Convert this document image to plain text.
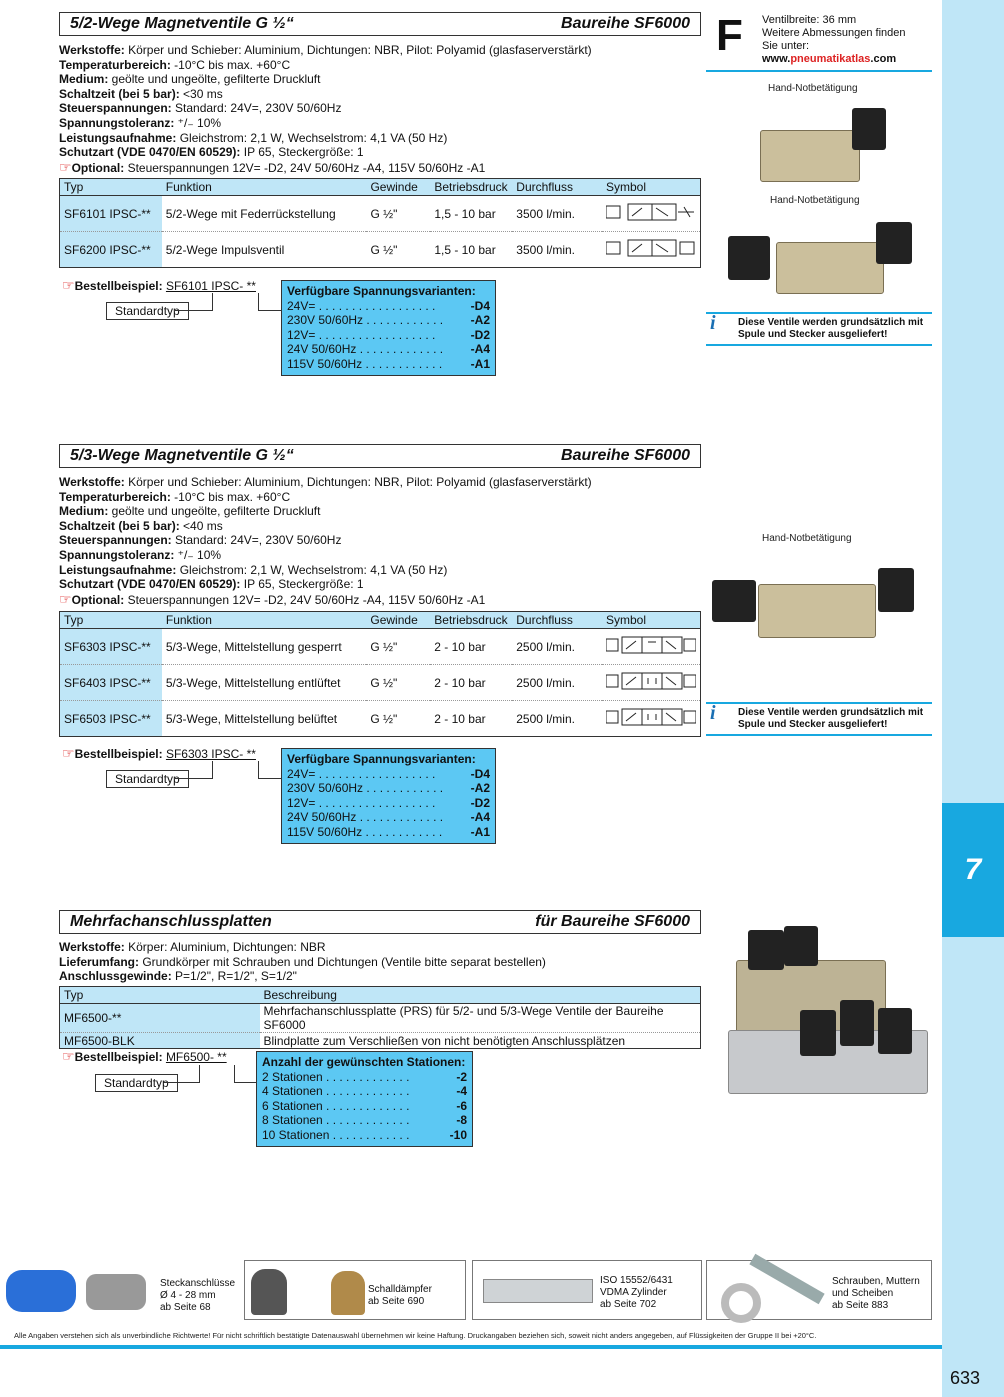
7
633
F Ventilbreite: 36 mm
Weitere Abmessungen finden
Sie unter:
www.pneumatikatlas.com
5/2-Wege Magnetventile G ½“	Baureihe SF6000
Werkstoffe: Körper und Schieber: Aluminium, Dichtungen: NBR, Pilot: Polyamid (glasfaserverstärkt)
Temperaturbereich: -10°C bis max. +60°C
Medium: geölte und ungeölte, gefilterte Druckluft
Schaltzeit (bei 5 bar): <30 ms
Steuerspannungen: Standard: 24V=, 230V 50/60Hz
Spannungstoleranz: ⁺/₋ 10%
Leistungsaufnahme: Gleichstrom: 2,1 W, Wechselstrom: 4,1 VA (50 Hz)
Schutzart (VDE 0470/EN 60529): IP 65, Steckergröße: 1
☞ Optional: Steuerspannungen 12V= -D2, 24V 50/60Hz -A4, 115V 50/60Hz -A1
Typ	Funktion	Gewinde	Betriebsdruck	Durchfluss	Symbol
SF6101 IPSC-**	5/2-Wege mit Federrückstellung	G ½"	1,5 - 10 bar	3500 l/min.	
SF6200 IPSC-**	5/2-Wege Impulsventil	G ½"	1,5 - 10 bar	3500 l/min.	
☞ Bestellbeispiel: SF6101 IPSC- **
Standardtyp
Verfügbare Spannungsvarianten:
24V= . . . . . . . . . . . . . . . . . .	-D4
230V 50/60Hz . . . . . . . . . . . . -A2
12V= . . . . . . . . . . . . . . . . . .	-D2
24V 50/60Hz . . . . . . . . . . . . . -A4
115V 50/60Hz . . . . . . . . . . . . -A1
Hand-Notbetätigung
Hand-Notbetätigung
i Diese Ventile werden grundsätzlich mit
Spule und Stecker ausgeliefert!
5/3-Wege Magnetventile G ½“	Baureihe SF6000
Werkstoffe: Körper und Schieber: Aluminium, Dichtungen: NBR, Pilot: Polyamid (glasfaserverstärkt)
Temperaturbereich: -10°C bis max. +60°C
Medium: geölte und ungeölte, gefilterte Druckluft
Schaltzeit (bei 5 bar): <40 ms
Steuerspannungen: Standard: 24V=, 230V 50/60Hz
Spannungstoleranz: ⁺/₋ 10%
Leistungsaufnahme: Gleichstrom: 2,1 W, Wechselstrom: 4,1 VA (50 Hz)
Schutzart (VDE 0470/EN 60529): IP 65, Steckergröße: 1
☞ Optional: Steuerspannungen 12V= -D2, 24V 50/60Hz -A4, 115V 50/60Hz -A1
Typ	Funktion	Gewinde	Betriebsdruck	Durchfluss	Symbol
SF6303 IPSC-**	5/3-Wege, Mittelstellung gesperrt	G ½"	2 - 10 bar	2500 l/min.	
SF6403 IPSC-**	5/3-Wege, Mittelstellung entlüftet	G ½"	2 - 10 bar	2500 l/min.	
SF6503 IPSC-**	5/3-Wege, Mittelstellung belüftet	G ½"	2 - 10 bar	2500 l/min.	
☞ Bestellbeispiel: SF6303 IPSC- **
Standardtyp
Verfügbare Spannungsvarianten:
24V= . . . . . . . . . . . . . . . . . .	-D4
230V 50/60Hz . . . . . . . . . . . . -A2
12V= . . . . . . . . . . . . . . . . . .	-D2
24V 50/60Hz . . . . . . . . . . . . . -A4
115V 50/60Hz . . . . . . . . . . . . -A1
Hand-Notbetätigung
i Diese Ventile werden grundsätzlich mit
Spule und Stecker ausgeliefert!
Mehrfachanschlussplatten	für Baureihe SF6000
Werkstoffe: Körper: Aluminium, Dichtungen: NBR
Lieferumfang: Grundkörper mit Schrauben und Dichtungen (Ventile bitte separat bestellen)
Anschlussgewinde: P=1/2", R=1/2", S=1/2"
Typ	Beschreibung
MF6500-**	Mehrfachanschlussplatte (PRS) für 5/2- und 5/3-Wege Ventile der Baureihe SF6000
MF6500-BLK	Blindplatte zum Verschließen von nicht benötigten Anschlussplätzen
☞ Bestellbeispiel: MF6500- **
Standardtyp
Anzahl der gewünschten Stationen:
2 Stationen . . . . . . . . . . . . .	-2
4 Stationen . . . . . . . . . . . . .	-4
6 Stationen . . . . . . . . . . . . .	-6
8 Stationen . . . . . . . . . . . . .	-8
10 Stationen . . . . . . . . . . . .	-10
Steckanschlüsse
Ø 4 - 28 mm
ab Seite 68
Schalldämpfer
ab Seite 690
ISO 15552/6431
VDMA Zylinder
ab Seite 702
Schrauben, Muttern
und Scheiben
ab Seite 883
Alle Angaben verstehen sich als unverbindliche Richtwerte! Für nicht schriftlich bestätigte Datenauswahl übernehmen wir keine Haftung. Druckangaben beziehen sich, soweit nicht anders angegeben, auf Flüssigkeiten der Gruppe II bei +20°C.
